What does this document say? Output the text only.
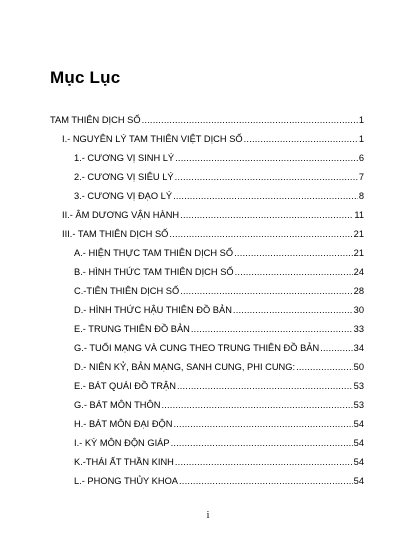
Mục Lục
TAM THIÊN DỊCH SỐ .....	1
I.- NGUYÊN LÝ TAM THIÊN VIỆT DỊCH SỐ .....	1
1.- CƯƠNG VỊ SINH LÝ .....	6
2.- CƯƠNG VỊ SIÊU LÝ .....	7
3.- CƯƠNG VỊ ĐẠO LÝ .....	8
II.- ÂM DƯƠNG VẬN HÀNH .....	11
III.- TAM THIÊN DỊCH SỐ .....	21
A.- HIỆN THỰC TAM THIÊN DỊCH SỐ .....	21
B.- HÌNH THỨC TAM THIÊN DỊCH SỐ .....	24
C.-TIÊN THIÊN DỊCH SỐ .....	28
D.- HÌNH THỨC HẬU THIÊN ĐỒ BẢN .....	30
E.- TRUNG THIÊN ĐỒ BẢN .....	33
G.- TUỔI MẠNG VÀ CUNG THEO TRUNG THIÊN ĐỒ BẢN .....	34
D.- NIÊN KỶ, BẢN MẠNG, SANH CUNG, PHI CUNG: .....	50
E.- BÁT QUÁI ĐỒ TRẬN .....	53
G.- BÁT MÔN THÔN .....	53
H.- BÁT MÔN ĐẠI ĐỘN .....	54
I.- KỲ MÔN ĐỘN GIÁP .....	54
K.-THÁI ẤT THẦN KINH .....	54
L.- PHONG THỦY KHOA .....	54
i
